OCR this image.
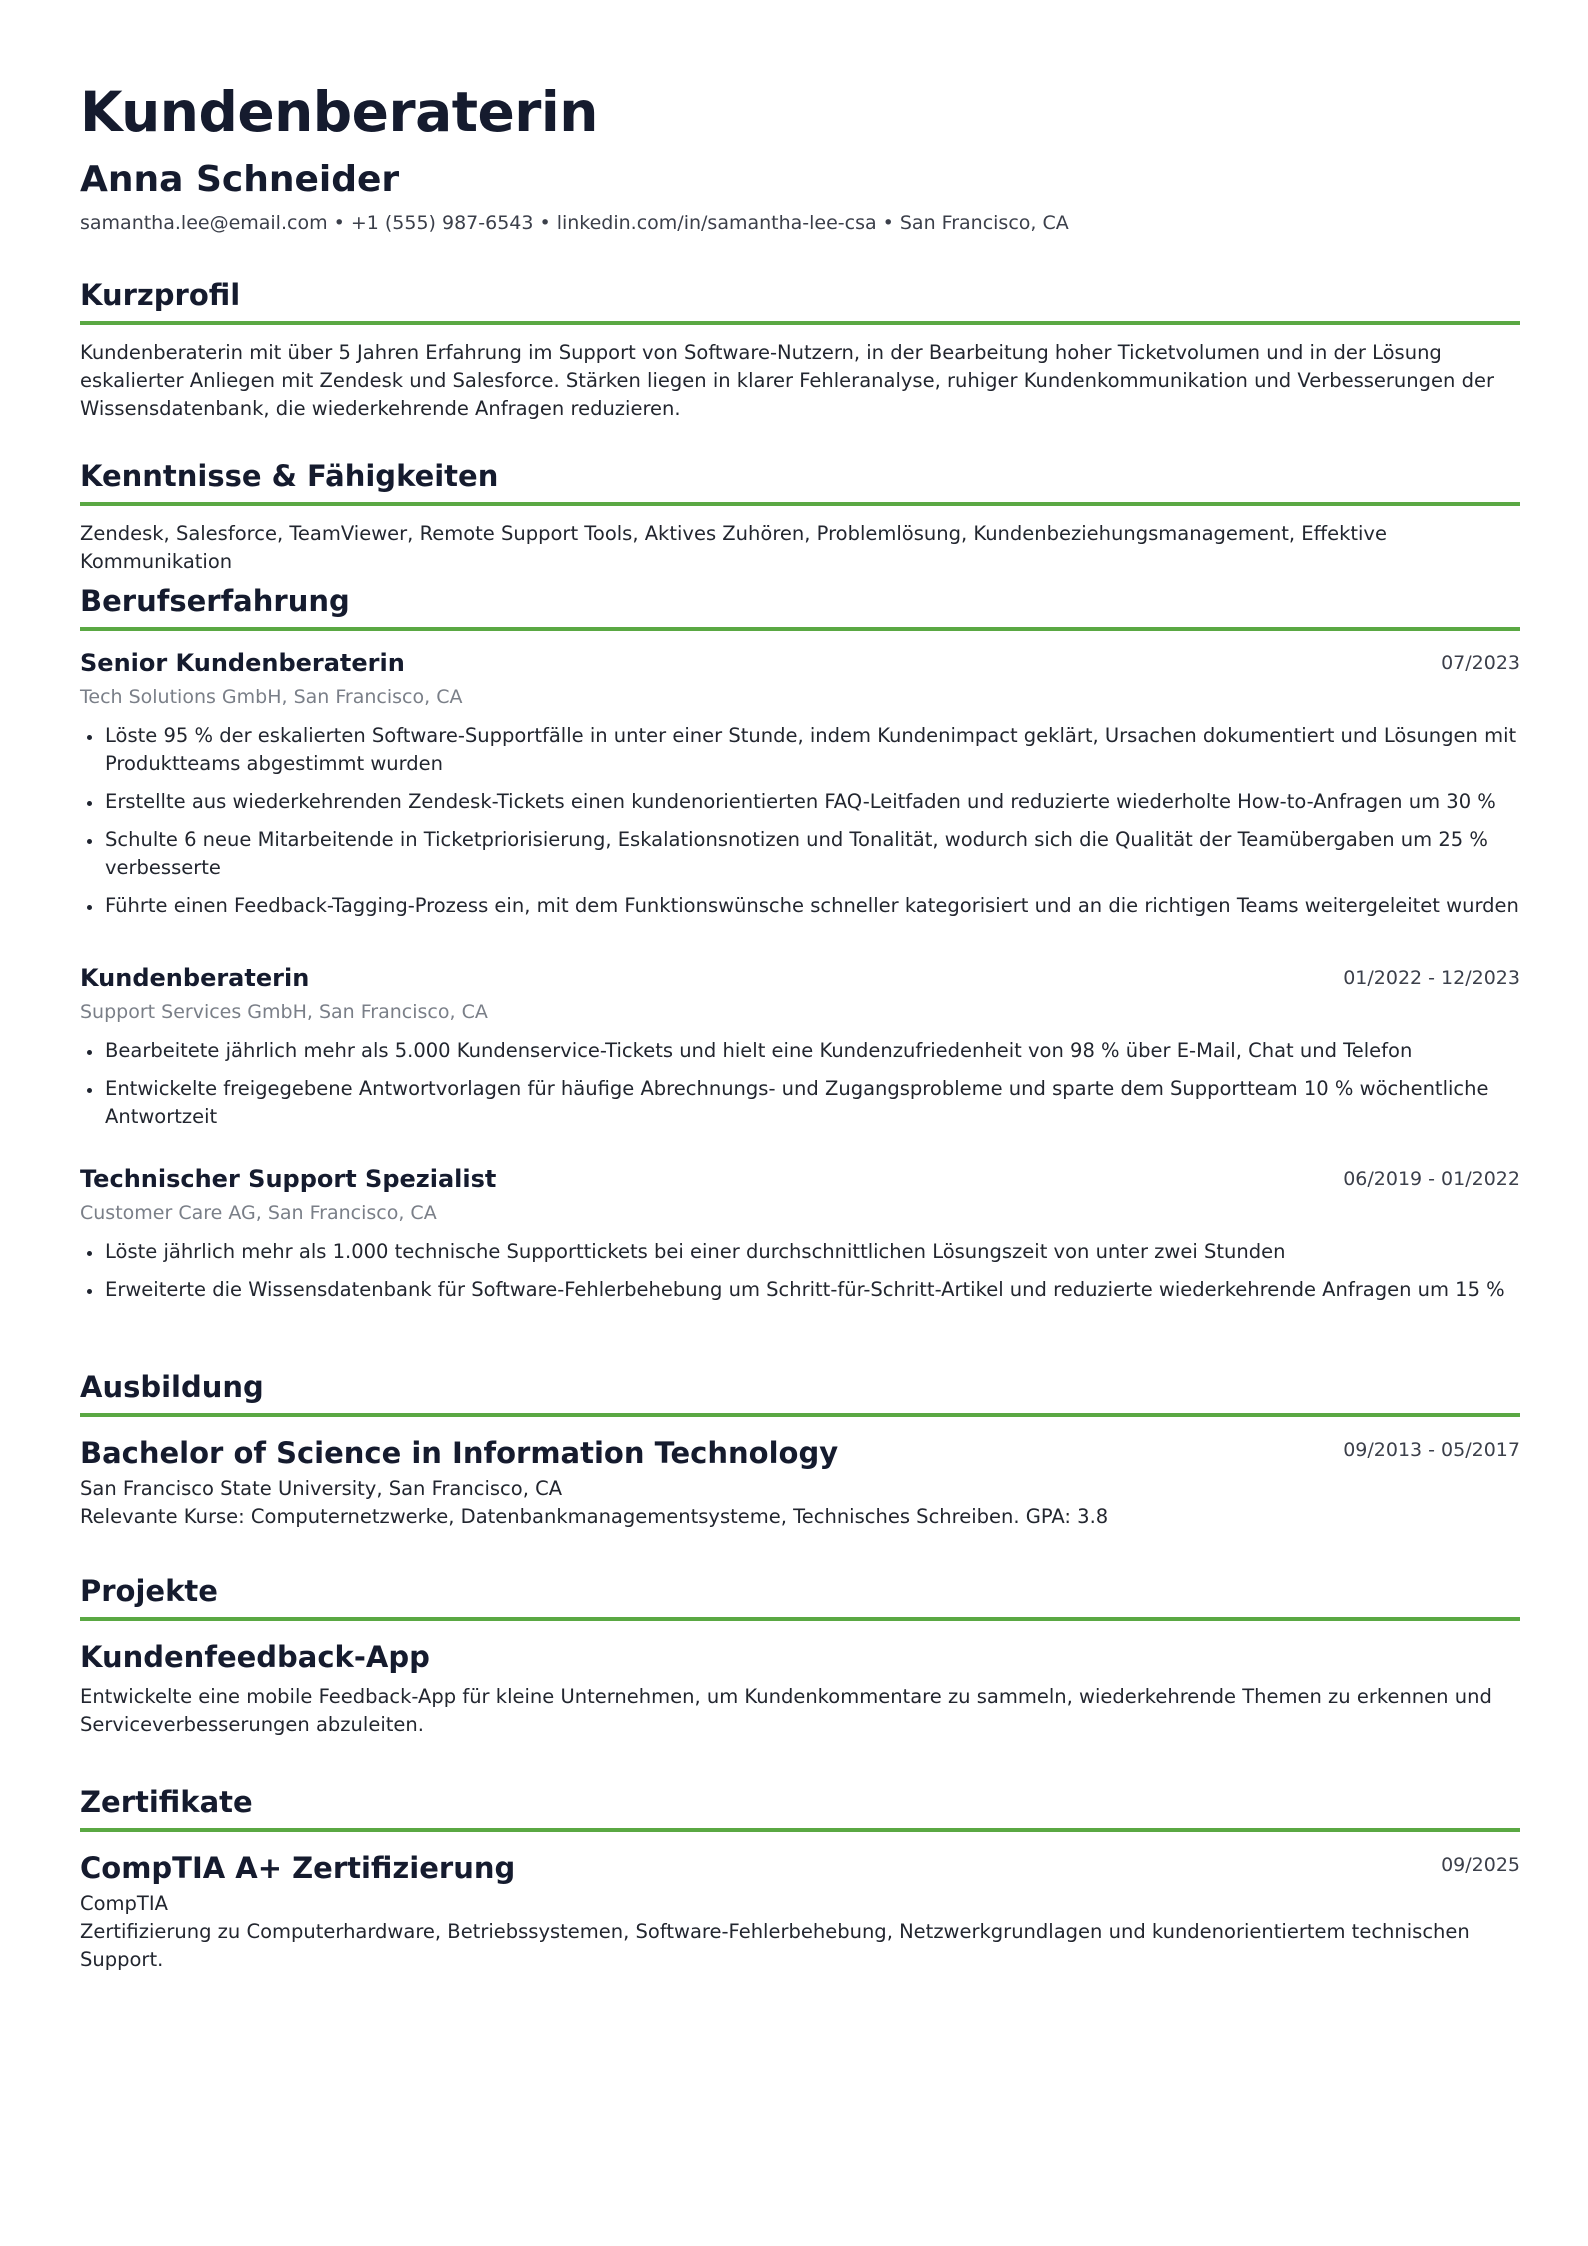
Kundenberaterin
Anna Schneider
samantha.lee@email.com • +1 (555) 987-6543 • linkedin.com/in/samantha-lee-csa • San Francisco, CA
Kurzprofil

Kundenberaterin mit über 5 Jahren Erfahrung im Support von Software-Nutzern, in der Bearbeitung hoher Ticketvolumen und in der Lösung eskalierter Anliegen mit Zendesk und Salesforce. Stärken liegen in klarer Fehleranalyse, ruhiger Kundenkommunikation und Verbesserungen der Wissensdatenbank, die wiederkehrende Anfragen reduzieren.

Kenntnisse & Fähigkeiten

Zendesk, Salesforce, TeamViewer, Remote Support Tools, Aktives Zuhören, Problemlösung, Kundenbeziehungsmanagement, Effektive Kommunikation

Berufserfahrung
Senior Kundenberaterin	07/2023
Tech Solutions GmbH, San Francisco, CA
Löste 95 % der eskalierten Software-Supportfälle in unter einer Stunde, indem Kundenimpact geklärt, Ursachen dokumentiert und Lösungen mit Produktteams abgestimmt wurden
Erstellte aus wiederkehrenden Zendesk-Tickets einen kundenorientierten FAQ-Leitfaden und reduzierte wiederholte How-to-Anfragen um 30 %
Schulte 6 neue Mitarbeitende in Ticketpriorisierung, Eskalationsnotizen und Tonalität, wodurch sich die Qualität der Teamübergaben um 25 % verbesserte
Führte einen Feedback-Tagging-Prozess ein, mit dem Funktionswünsche schneller kategorisiert und an die richtigen Teams weitergeleitet wurden
Kundenberaterin	01/2022 - 12/2023
Support Services GmbH, San Francisco, CA
Bearbeitete jährlich mehr als 5.000 Kundenservice-Tickets und hielt eine Kundenzufriedenheit von 98 % über E-Mail, Chat und Telefon
Entwickelte freigegebene Antwortvorlagen für häufige Abrechnungs- und Zugangsprobleme und sparte dem Supportteam 10 % wöchentliche Antwortzeit
Technischer Support Spezialist	06/2019 - 01/2022
Customer Care AG, San Francisco, CA
Löste jährlich mehr als 1.000 technische Supporttickets bei einer durchschnittlichen Lösungszeit von unter zwei Stunden
Erweiterte die Wissensdatenbank für Software-Fehlerbehebung um Schritt-für-Schritt-Artikel und reduzierte wiederkehrende Anfragen um 15 %
Ausbildung
Bachelor of Science in Information Technology	09/2013 - 05/2017
San Francisco State University, San Francisco, CA
Relevante Kurse: Computernetzwerke, Datenbankmanagementsysteme, Technisches Schreiben. GPA: 3.8
Projekte
Kundenfeedback-App
Entwickelte eine mobile Feedback-App für kleine Unternehmen, um Kundenkommentare zu sammeln, wiederkehrende Themen zu erkennen und Serviceverbesserungen abzuleiten.
Zertifikate
CompTIA A+ Zertifizierung	09/2025
CompTIA
Zertifizierung zu Computerhardware, Betriebssystemen, Software-Fehlerbehebung, Netzwerkgrundlagen und kundenorientiertem technischen Support.
